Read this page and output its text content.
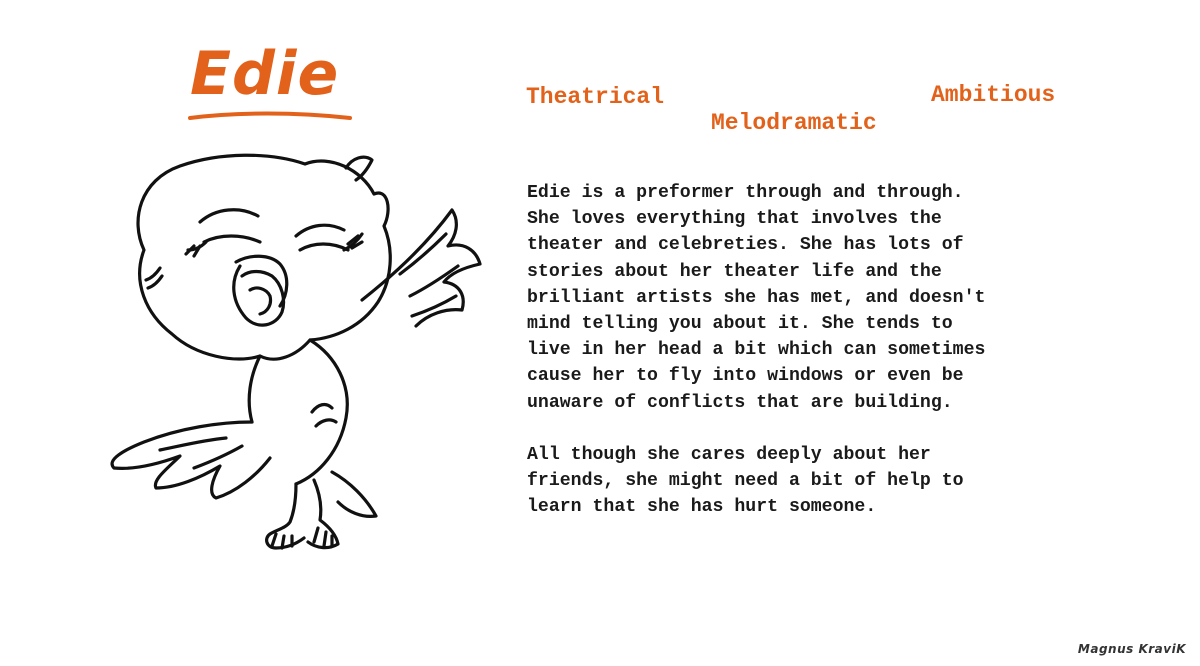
Edie	Theatrical	Ambitious
Melodramatic

Edie is a preformer through and through.
She loves everything that involves the
theater and celebreties. She has lots of
stories about her theater life and the
brilliant artists she has met, and doesn't
mind telling you about it. She tends to
live in her head a bit which can sometimes
cause her to fly into windows or even be
unaware of conflicts that are building.

All though she cares deeply about her
friends, she might need a bit of help to
learn that she has hurt someone.

Magnus KraviK
